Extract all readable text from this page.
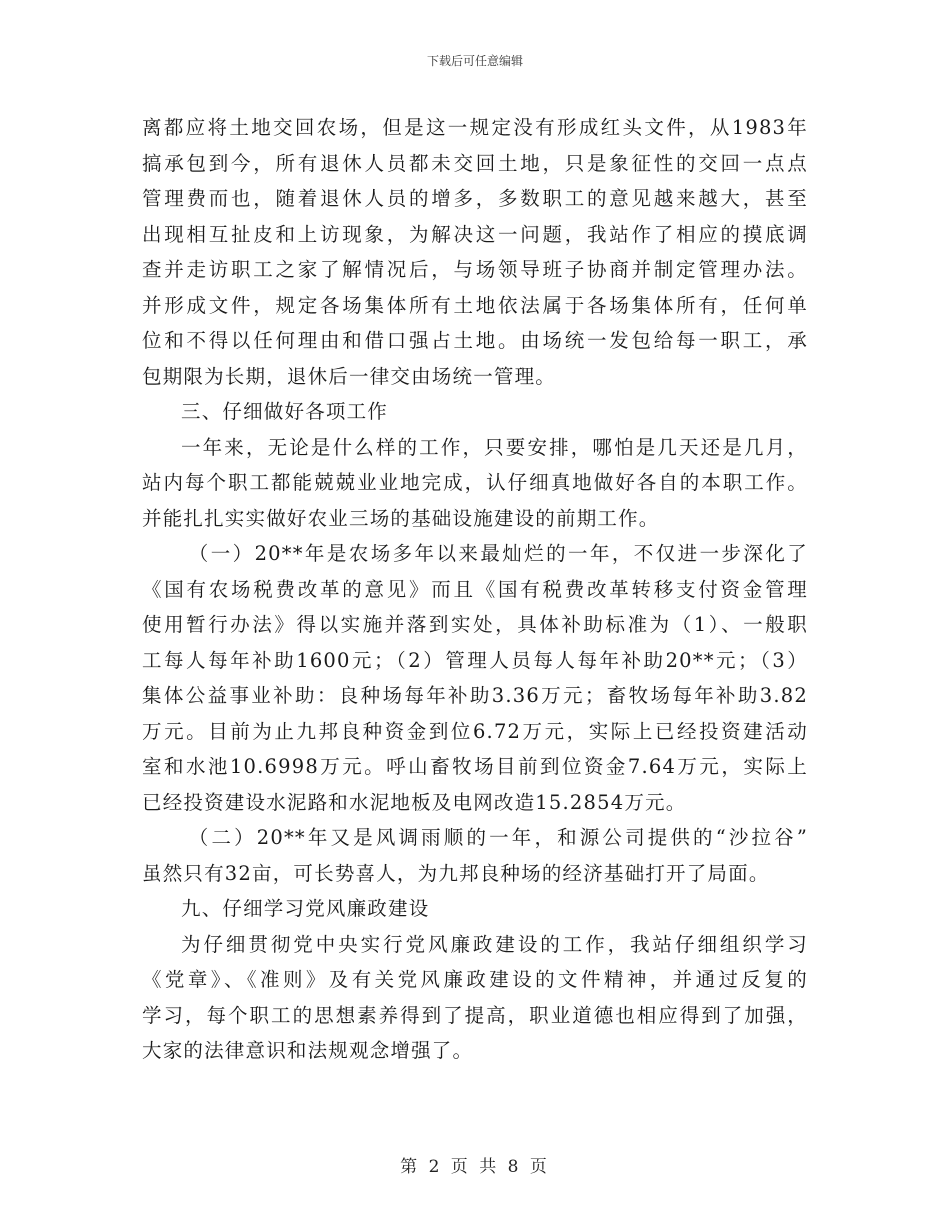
下载后可任意编辑

离都应将土地交回农场，但是这一规定没有形成红头文件，从1983年
搞承包到今，所有退休人员都未交回土地，只是象征性的交回一点点
管理费而也，随着退休人员的增多，多数职工的意见越来越大，甚至
出现相互扯皮和上访现象，为解决这一问题，我站作了相应的摸底调
查并走访职工之家了解情况后，与场领导班子协商并制定管理办法。
并形成文件，规定各场集体所有土地依法属于各场集体所有，任何单
位和不得以任何理由和借口强占土地。由场统一发包给每一职工，承
包期限为长期，退休后一律交由场统一管理。

三、仔细做好各项工作

一年来，无论是什么样的工作，只要安排，哪怕是几天还是几月，
站内每个职工都能兢兢业业地完成，认仔细真地做好各自的本职工作。
并能扎扎实实做好农业三场的基础设施建设的前期工作。

（一）20**年是农场多年以来最灿烂的一年，不仅进一步深化了
《国有农场税费改革的意见》而且《国有税费改革转移支付资金管理
使用暂行办法》得以实施并落到实处，具体补助标准为（1）、一般职
工每人每年补助1600元；（2）管理人员每人每年补助20**元；（3）
集体公益事业补助：良种场每年补助3.36万元；畜牧场每年补助3.82
万元。目前为止九邦良种资金到位6.72万元，实际上已经投资建活动
室和水池10.6998万元。呼山畜牧场目前到位资金7.64万元，实际上
已经投资建设水泥路和水泥地板及电网改造15.2854万元。

（二）20**年又是风调雨顺的一年，和源公司提供的“沙拉谷”
虽然只有32亩，可长势喜人，为九邦良种场的经济基础打开了局面。

九、仔细学习党风廉政建设

为仔细贯彻党中央实行党风廉政建设的工作，我站仔细组织学习
《党章》、《准则》及有关党风廉政建设的文件精神，并通过反复的
学习，每个职工的思想素养得到了提高，职业道德也相应得到了加强，
大家的法律意识和法规观念增强了。

第 2 页 共 8 页
